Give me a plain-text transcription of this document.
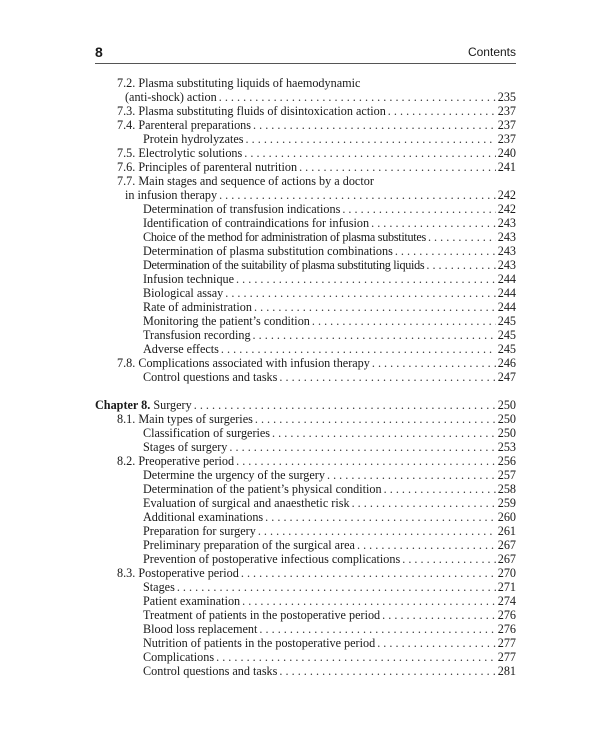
8	Contents
7.2. Plasma substituting liquids of haemodynamic
(anti-shock) action . . .	235
7.3. Plasma substituting fluids of disintoxication action . . .	237
7.4. Parenteral preparations . . .	237
Protein hydrolyzates . . .	237
7.5. Electrolytic solutions . . .	240
7.6. Principles of parenteral nutrition . . .	241
7.7. Main stages and sequence of actions by a doctor
in infusion therapy . . .	242
Determination of transfusion indications . . .	242
Identification of contraindications for infusion . . .	243
Choice of the method for administration of plasma substitutes . . .	243
Determination of plasma substitution combinations . . .	243
Determination of the suitability of plasma substituting liquids . . .	243
Infusion technique . . .	244
Biological assay . . .	244
Rate of administration . . .	244
Monitoring the patient’s condition . . .	245
Transfusion recording . . .	245
Adverse effects . . .	245
7.8. Complications associated with infusion therapy . . .	246
Control questions and tasks . . .	247
Chapter 8. Surgery . . .	250
8.1. Main types of surgeries . . .	250
Classification of surgeries . . .	250
Stages of surgery . . .	253
8.2. Preoperative period . . .	256
Determine the urgency of the surgery . . .	257
Determination of the patient’s physical condition . . .	258
Evaluation of surgical and anaesthetic risk . . .	259
Additional examinations . . .	260
Preparation for surgery . . .	261
Preliminary preparation of the surgical area . . .	267
Prevention of postoperative infectious complications . . .	267
8.3. Postoperative period . . .	270
Stages . . .	271
Patient examination . . .	274
Treatment of patients in the postoperative period . . .	276
Blood loss replacement . . .	276
Nutrition of patients in the postoperative period . . .	277
Complications . . .	277
Control questions and tasks . . .	281
